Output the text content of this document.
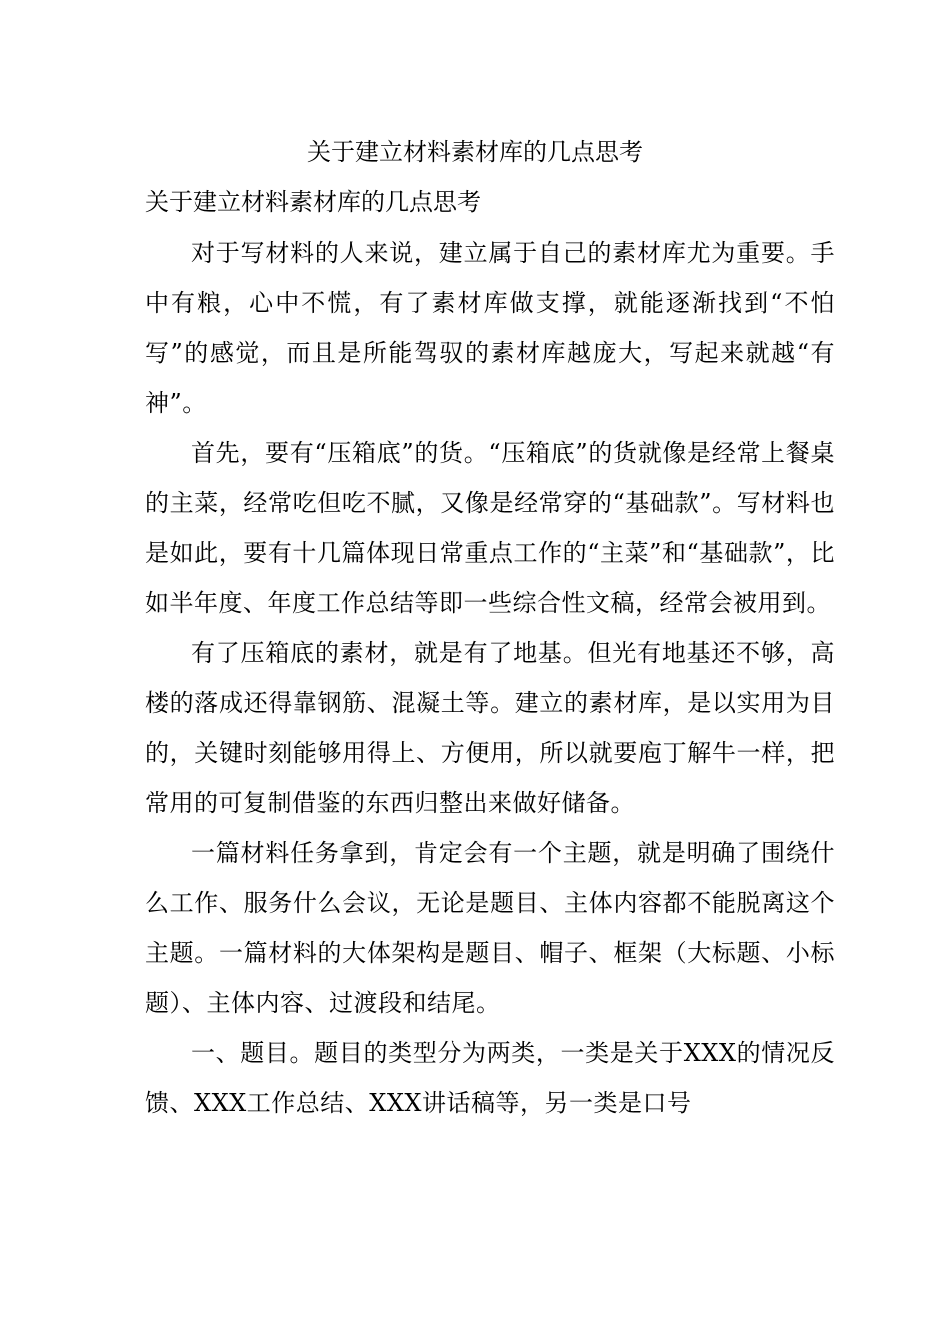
关于建立材料素材库的几点思考
关于建立材料素材库的几点思考

对于写材料的人来说，建立属于自己的素材库尤为重要。手中有粮，心中不慌，有了素材库做支撑，就能逐渐找到“不怕写”的感觉，而且是所能驾驭的素材库越庞大，写起来就越“有神”。

首先，要有“压箱底”的货。“压箱底”的货就像是经常上餐桌的主菜，经常吃但吃不腻，又像是经常穿的“基础款”。写材料也是如此，要有十几篇体现日常重点工作的“主菜”和“基础款”，比如半年度、年度工作总结等即一些综合性文稿，经常会被用到。

有了压箱底的素材，就是有了地基。但光有地基还不够，高楼的落成还得靠钢筋、混凝土等。建立的素材库，是以实用为目的，关键时刻能够用得上、方便用，所以就要庖丁解牛一样，把常用的可复制借鉴的东西归整出来做好储备。

一篇材料任务拿到，肯定会有一个主题，就是明确了围绕什么工作、服务什么会议，无论是题目、主体内容都不能脱离这个主题。一篇材料的大体架构是题目、帽子、框架（大标题、小标题）、主体内容、过渡段和结尾。

一、题目。题目的类型分为两类，一类是关于XXX的情况反馈、XXX工作总结、XXX讲话稿等，另一类是口号
